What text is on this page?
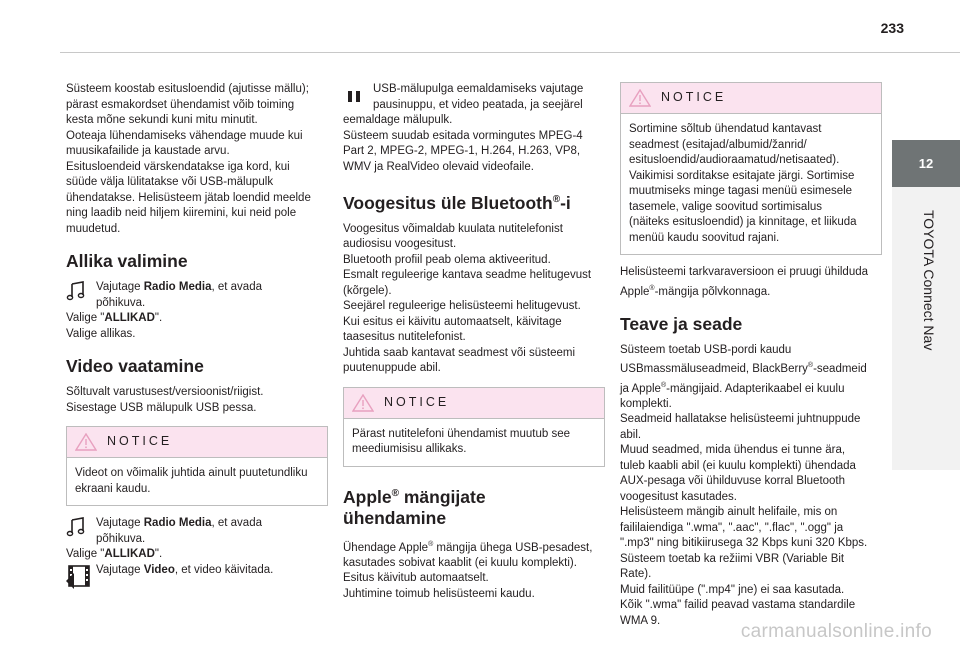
233
12
TOYOTA Connect Nav

Süsteem koostab esitusloendid (ajutisse mällu);
pärast esmakordset ühendamist võib toiming
kesta mõne sekundi kuni mitu minutit.
Ooteaja lühendamiseks vähendage muude kui
muusikafailide ja kaustade arvu.
Esitusloendeid värskendatakse iga kord, kui
süüde välja lülitatakse või USB-mälupulk
ühendatakse. Helisüsteem jätab loendid meelde
ning laadib neid hiljem kiiremini, kui neid pole
muudetud.

Allika valimine
Vajutage Radio Media, et avada
põhikuva.

Valige "ALLIKAD".
Valige allikas.

Video vaatamine

Sõltuvalt varustusest/versioonist/riigist.
Sisestage USB mälupulk USB pessa.

NOTICE
Videot on võimalik juhtida ainult puutetundliku
ekraani kaudu.
Vajutage Radio Media, et avada
põhikuva.

Valige "ALLIKAD".

Vajutage Video, et video käivitada.
USB-mälupulga eemaldamiseks vajutage
pausinuppu, et video peatada, ja seejärel

eemaldage mälupulk.
Süsteem suudab esitada vormingutes MPEG-4
Part 2, MPEG-2, MPEG-1, H.264, H.263, VP8,
WMV ja RealVideo olevaid videofaile.

Voogesitus üle Bluetooth®-i

Voogesitus võimaldab kuulata nutitelefonist
audiosisu voogesitust.
Bluetooth profiil peab olema aktiveeritud.
Esmalt reguleerige kantava seadme helitugevust
(kõrgele).
Seejärel reguleerige helisüsteemi helitugevust.
Kui esitus ei käivitu automaatselt, käivitage
taasesitus nutitelefonist.
Juhtida saab kantavat seadmest või süsteemi
puutenuppude abil.

NOTICE
Pärast nutitelefoni ühendamist muutub see
meediumisisu allikaks.
Apple® mängijate
ühendamine

Ühendage Apple® mängija ühega USB-pesadest,
kasutades sobivat kaablit (ei kuulu komplekti).
Esitus käivitub automaatselt.
Juhtimine toimub helisüsteemi kaudu.

NOTICE
Sortimine sõltub ühendatud kantavast
seadmest (esitajad/albumid/žanrid/
esitusloendid/audioraamatud/netisaated).
Vaikimisi sorditakse esitajate järgi. Sortimise
muutmiseks minge tagasi menüü esimesele
tasemele, valige soovitud sortimisalus
(näiteks esitusloendid) ja kinnitage, et liikuda
menüü kaudu soovitud rajani.

Helisüsteemi tarkvaraversioon ei pruugi ühilduda
Apple®-mängija põlvkonnaga.

Teave ja seade

Süsteem toetab USB-pordi kaudu
USBmassmäluseadmeid, BlackBerry®-seadmeid
ja Apple®-mängijaid. Adapterikaabel ei kuulu
komplekti.
Seadmeid hallatakse helisüsteemi juhtnuppude
abil.
Muud seadmed, mida ühendus ei tunne ära,
tuleb kaabli abil (ei kuulu komplekti) ühendada
AUX-pesaga või ühilduvuse korral Bluetooth
voogesitust kasutades.
Helisüsteem mängib ainult helifaile, mis on
faililaiendiga ".wma", ".aac", ".flac", ".ogg" ja
".mp3" ning bitikiirusega 32 Kbps kuni 320 Kbps.
Süsteem toetab ka režiimi VBR (Variable Bit
Rate).
Muid failitüüpe (".mp4" jne) ei saa kasutada.
Kõik ".wma" failid peavad vastama standardile
WMA 9.

carmanualsonline.info
